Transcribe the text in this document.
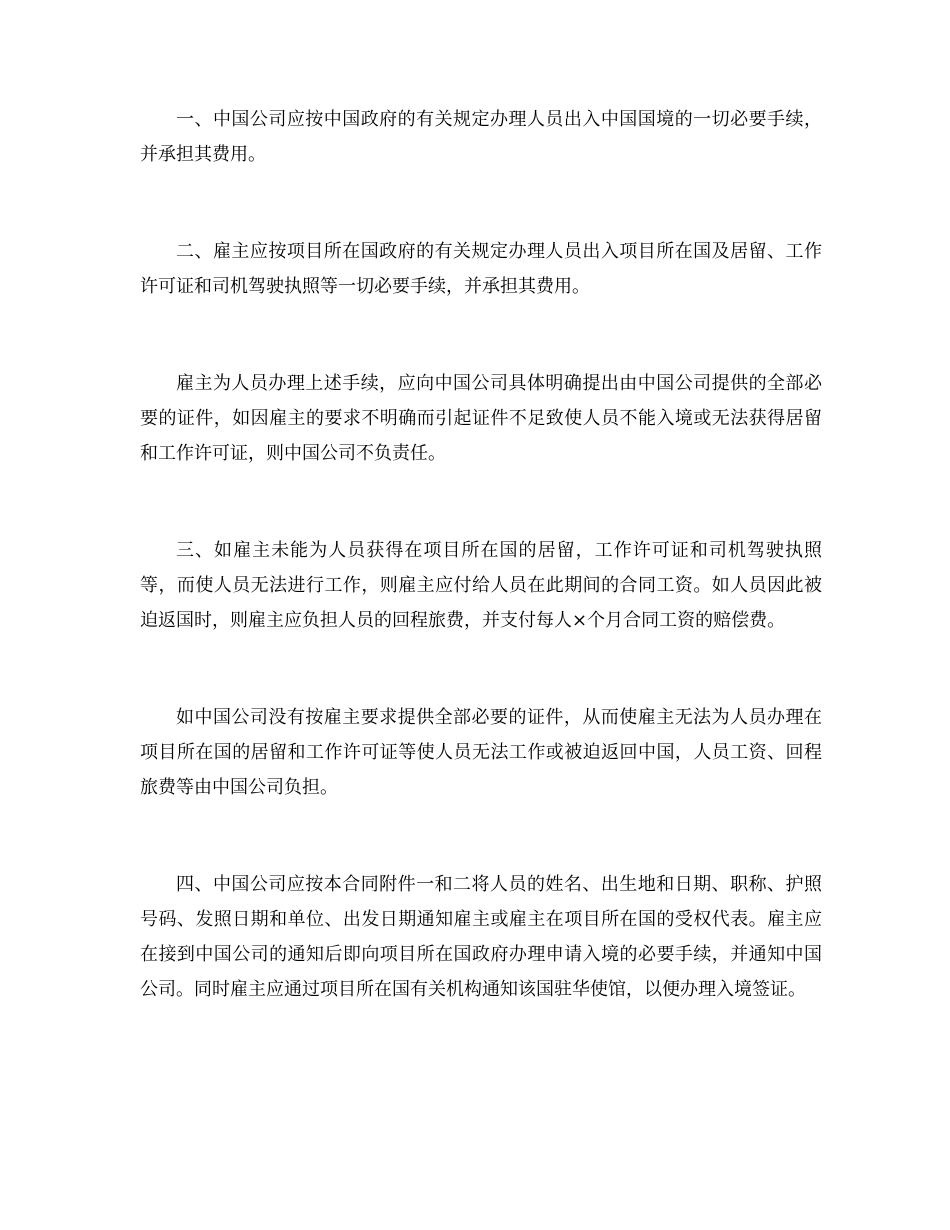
一、中国公司应按中国政府的有关规定办理人员出入中国国境的一切必要手续，并承担其费用。

二、雇主应按项目所在国政府的有关规定办理人员出入项目所在国及居留、工作许可证和司机驾驶执照等一切必要手续，并承担其费用。

雇主为人员办理上述手续，应向中国公司具体明确提出由中国公司提供的全部必要的证件，如因雇主的要求不明确而引起证件不足致使人员不能入境或无法获得居留和工作许可证，则中国公司不负责任。

三、如雇主未能为人员获得在项目所在国的居留，工作许可证和司机驾驶执照等，而使人员无法进行工作，则雇主应付给人员在此期间的合同工资。如人员因此被迫返国时，则雇主应负担人员的回程旅费，并支付每人×个月合同工资的赔偿费。

如中国公司没有按雇主要求提供全部必要的证件，从而使雇主无法为人员办理在项目所在国的居留和工作许可证等使人员无法工作或被迫返回中国，人员工资、回程旅费等由中国公司负担。

四、中国公司应按本合同附件一和二将人员的姓名、出生地和日期、职称、护照号码、发照日期和单位、出发日期通知雇主或雇主在项目所在国的受权代表。雇主应在接到中国公司的通知后即向项目所在国政府办理申请入境的必要手续，并通知中国公司。同时雇主应通过项目所在国有关机构通知该国驻华使馆，以便办理入境签证。
